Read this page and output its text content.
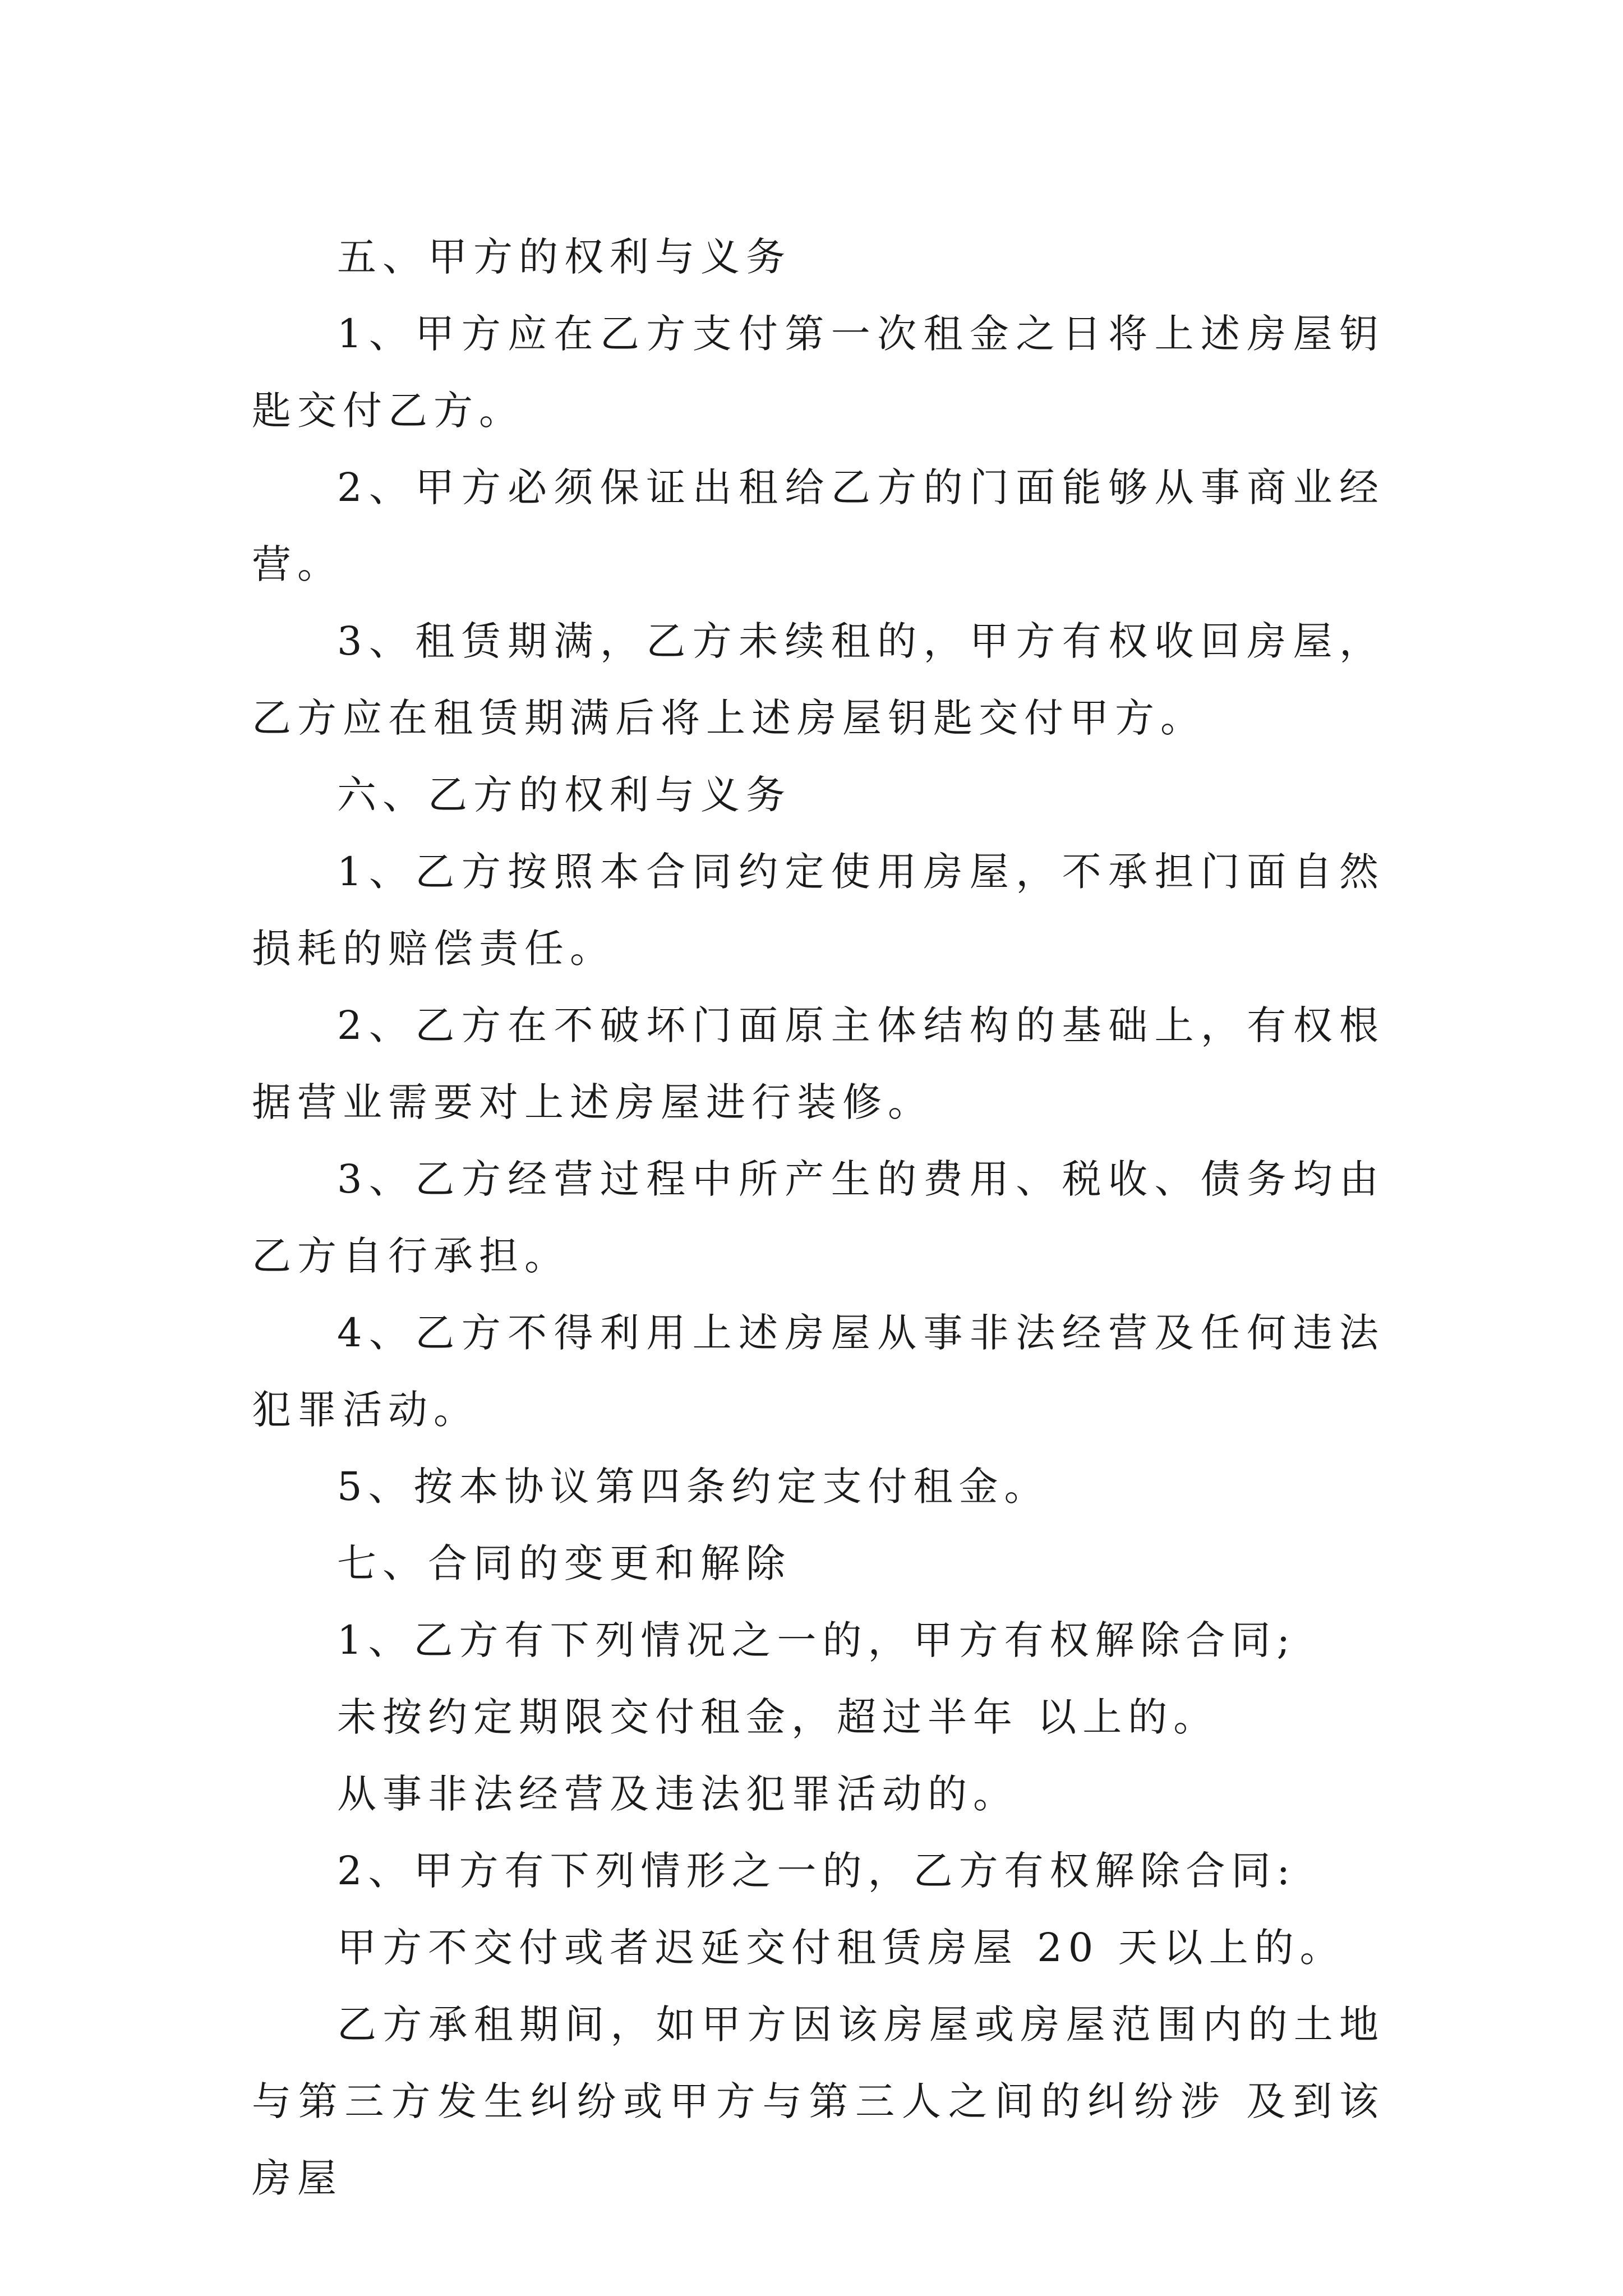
五、甲方的权利与义务

1、甲方应在乙方支付第一次租金之日将上述房屋钥匙交付乙方。

2、甲方必须保证出租给乙方的门面能够从事商业经营。

3、租赁期满，乙方未续租的，甲方有权收回房屋，乙方应在租赁期满后将上述房屋钥匙交付甲方。

六、乙方的权利与义务

1、乙方按照本合同约定使用房屋，不承担门面自然损耗的赔偿责任。

2、乙方在不破坏门面原主体结构的基础上，有权根据营业需要对上述房屋进行装修。

3、乙方经营过程中所产生的费用、税收、债务均由乙方自行承担。

4、乙方不得利用上述房屋从事非法经营及任何违法犯罪活动。

5、按本协议第四条约定支付租金。

七、合同的变更和解除

1、乙方有下列情况之一的，甲方有权解除合同;

未按约定期限交付租金，超过半年 以上的。

从事非法经营及违法犯罪活动的。

2、甲方有下列情形之一的，乙方有权解除合同:

甲方不交付或者迟延交付租赁房屋 20 天以上的。

乙方承租期间，如甲方因该房屋或房屋范围内的土地与第三方发生纠纷或甲方与第三人之间的纠纷涉 及到该房屋
